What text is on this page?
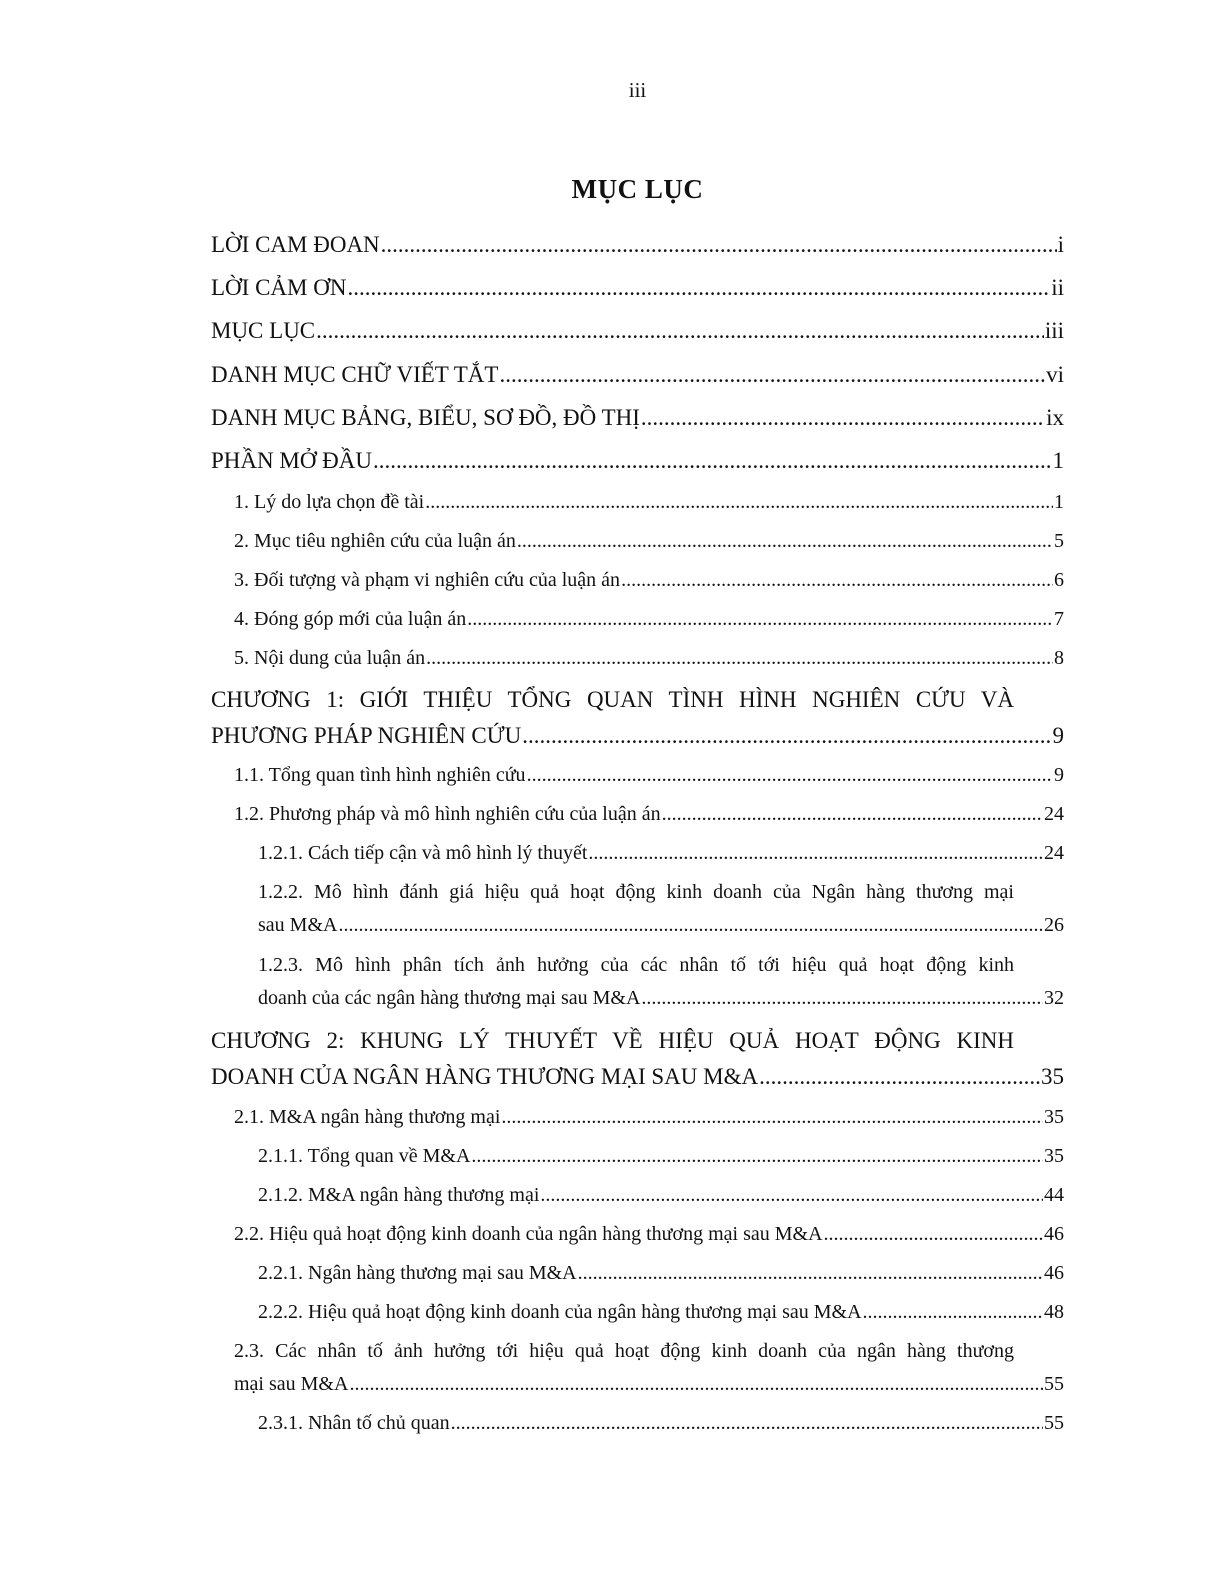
iii
MỤC LỤC
LỜI CAM ĐOAN .....	i
LỜI CẢM ƠN .....	ii
MỤC LỤC .....	iii
DANH MỤC CHỮ VIẾT TẮT .....	vi
DANH MỤC BẢNG, BIỂU, SƠ ĐỒ, ĐỒ THỊ .....	ix
PHẦN MỞ ĐẦU .....	1
1. Lý do lựa chọn đề tài .....	1
2. Mục tiêu nghiên cứu của luận án .....	5
3. Đối tượng và phạm vi nghiên cứu của luận án .....	6
4. Đóng góp mới của luận án .....	7
5. Nội dung của luận án .....	8
CHƯƠNG 1: GIỚI THIỆU TỔNG QUAN TÌNH HÌNH NGHIÊN CỨU VÀ
PHƯƠNG PHÁP NGHIÊN CỨU .....	9
1.1. Tổng quan tình hình nghiên cứu .....	9
1.2. Phương pháp và mô hình nghiên cứu của luận án .....	24
1.2.1. Cách tiếp cận và mô hình lý thuyết .....	24
1.2.2. Mô hình đánh giá hiệu quả hoạt động kinh doanh của Ngân hàng thương mại
sau M&A .....	26
1.2.3. Mô hình phân tích ảnh hưởng của các nhân tố tới hiệu quả hoạt động kinh
doanh của các ngân hàng thương mại sau M&A .....	32
CHƯƠNG 2: KHUNG LÝ THUYẾT VỀ HIỆU QUẢ HOẠT ĐỘNG KINH
DOANH CỦA NGÂN HÀNG THƯƠNG MẠI SAU M&A .....	35
2.1. M&A ngân hàng thương mại .....	35
2.1.1. Tổng quan về M&A .....	35
2.1.2. M&A ngân hàng thương mại .....	44
2.2. Hiệu quả hoạt động kinh doanh của ngân hàng thương mại sau M&A .....	46
2.2.1. Ngân hàng thương mại sau M&A .....	46
2.2.2. Hiệu quả hoạt động kinh doanh của ngân hàng thương mại sau M&A .....	48
2.3. Các nhân tố ảnh hưởng tới hiệu quả hoạt động kinh doanh của ngân hàng thương
mại sau M&A .....	55
2.3.1. Nhân tố chủ quan .....	55
